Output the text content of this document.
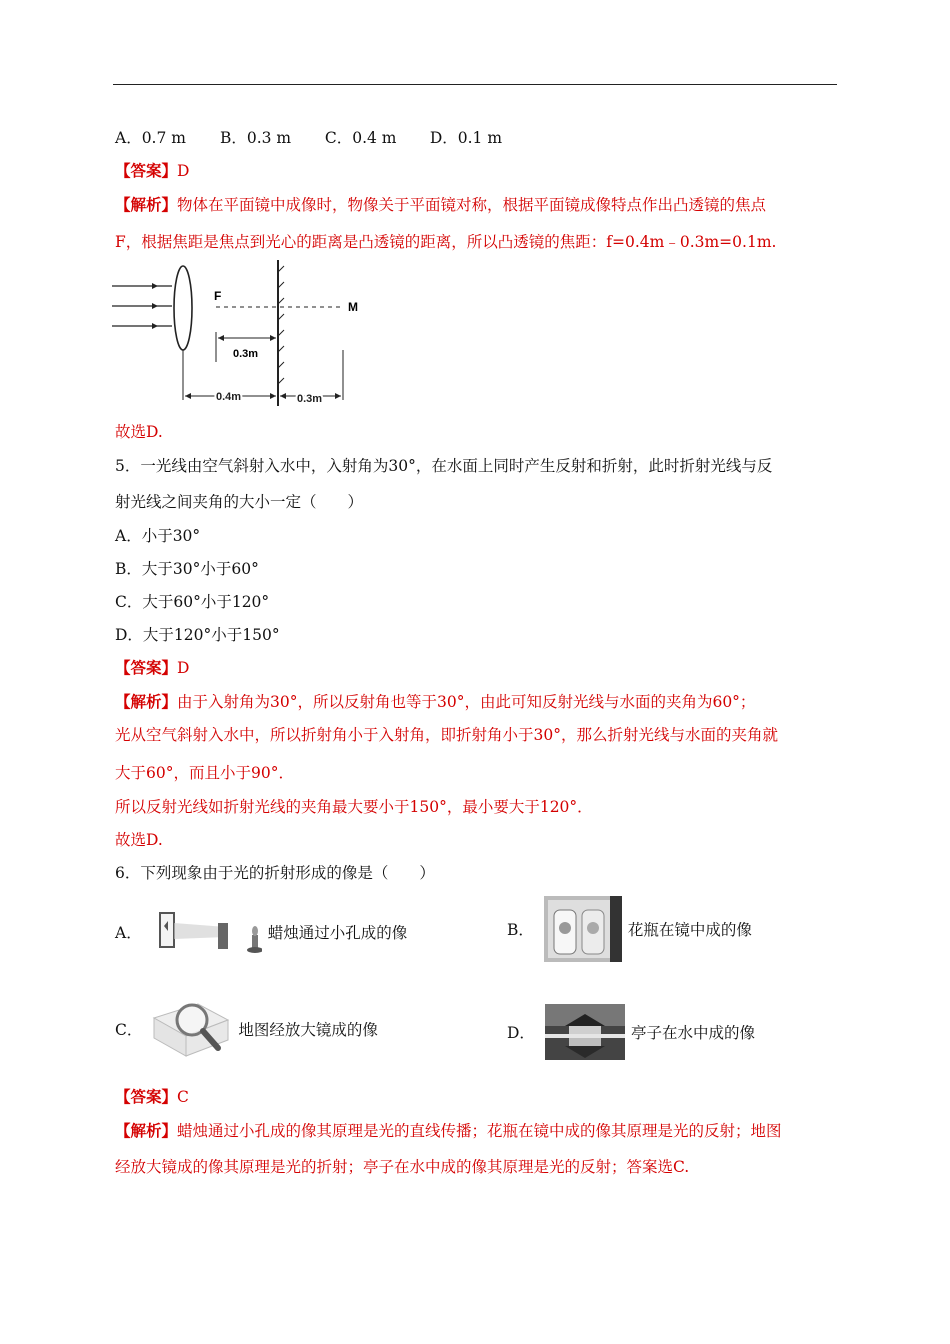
A．0.7 m B．0.3 m C．0.4 m D．0.1 m
【答案】D
【解析】物体在平面镜中成像时，物像关于平面镜对称，根据平面镜成像特点作出凸透镜的焦点
F，根据焦距是焦点到光心的距离是凸透镜的距离，所以凸透镜的焦距：f=0.4m﹣0.3m=0.1m.
F
M
0.3m
0.4m	0.3m
故选D.
5．一光线由空气斜射入水中，入射角为30°，在水面上同时产生反射和折射，此时折射光线与反
射光线之间夹角的大小一定（　　）
A．小于30°
B．大于30°小于60°
C．大于60°小于120°
D．大于120°小于150°
【答案】D
【解析】由于入射角为30°，所以反射角也等于30°，由此可知反射光线与水面的夹角为60°；
光从空气斜射入水中，所以折射角小于入射角，即折射角小于30°，那么折射光线与水面的夹角就
大于60°，而且小于90°．
所以反射光线如折射光线的夹角最大要小于150°，最小要大于120°．
故选D.
6．下列现象由于光的折射形成的像是（　　）
A．	蜡烛通过小孔成的像	B．	花瓶在镜中成的像
C．	地图经放大镜成的像	D．	亭子在水中成的像
【答案】C
【解析】蜡烛通过小孔成的像其原理是光的直线传播；花瓶在镜中成的像其原理是光的反射；地图
经放大镜成的像其原理是光的折射；亭子在水中成的像其原理是光的反射；答案选C.
